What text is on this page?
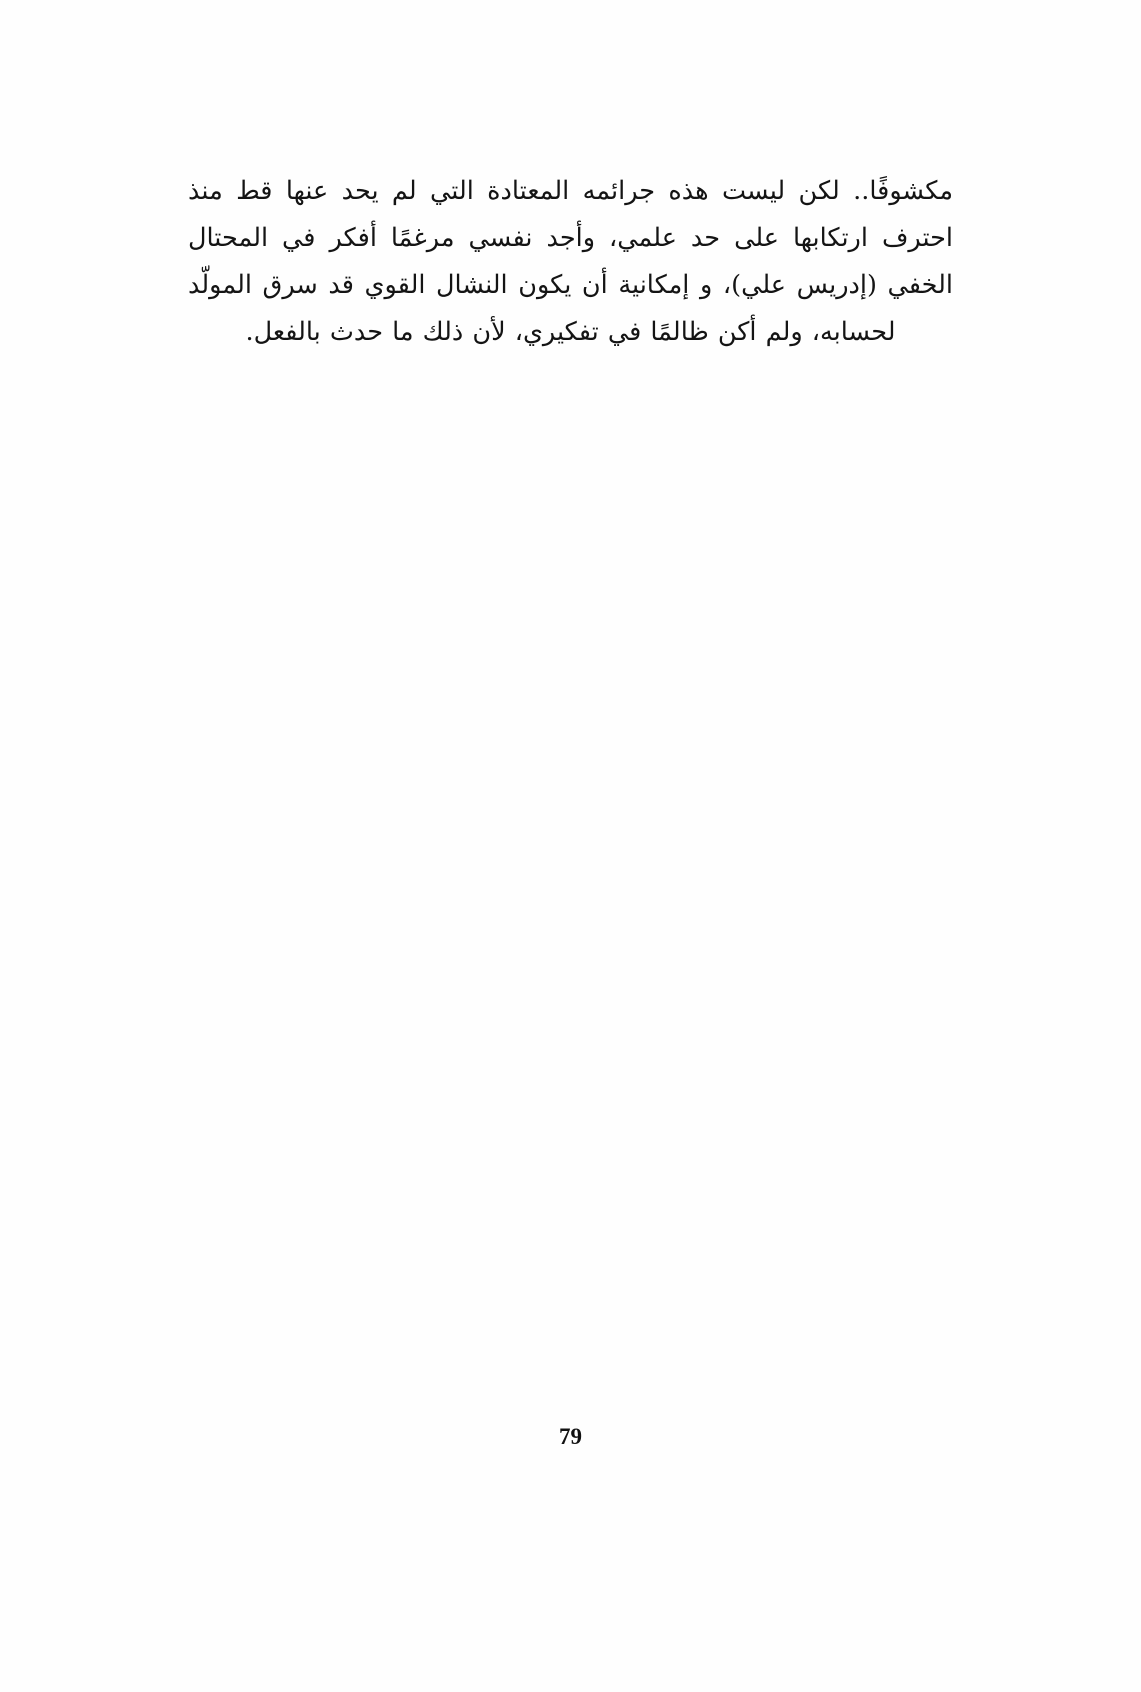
مكشوفًا.. لكن ليست هذه جرائمه المعتادة التي لم يحد عنها قط منذ احترف ارتكابها على حد علمي، وأجد نفسي مرغمًا أفكر في المحتال الخفي (إدريس علي)، و إمكانية أن يكون النشال القوي قد سرق المولّد لحسابه، ولم أكن ظالمًا في تفكيري، لأن ذلك ما حدث بالفعل.

79
